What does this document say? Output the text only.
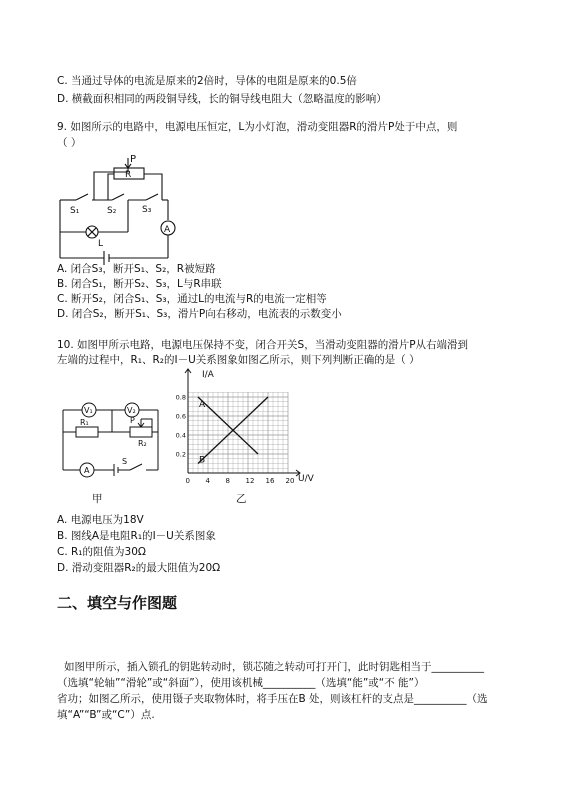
C. 当通过导体的电流是原来的2倍时，导体的电阻是原来的0.5倍
D. 横截面积相同的两段铜导线，长的铜导线电阻大（忽略温度的影响）
9. 如图所示的电路中，电源电压恒定，L为小灯泡，滑动变阻器R的滑片P处于中点，则
（ ）
P
R
S₁	S₂	S₃
A
L
A. 闭合S₃，断开S₁、S₂，R被短路
B. 闭合S₁，断开S₂、S₃，L与R串联
C. 断开S₂，闭合S₁、S₃，通过L的电流与R的电流一定相等
D. 闭合S₂，断开S₁、S₃，滑片P向右移动，电流表的示数变小
10. 如图甲所示电路，电源电压保持不变，闭合开关S，当滑动变阻器的滑片P从右端滑到
左端的过程中，R₁、R₂的I－U关系图象如图乙所示，则下列判断正确的是（ ）
V₁	V₂
R₁	P
R₂
A
S
0 4 8 12 16 20
0.2
0.4
0.6
0.8
A
B
I/A
U/V
甲	乙
A. 电源电压为18V
B. 图线A是电阻R₁的I－U关系图象
C. R₁的阻值为30Ω
D. 滑动变阻器R₂的最大阻值为20Ω
二、填空与作图题
如图甲所示，插入锁孔的钥匙转动时，锁芯随之转动可打开门，此时钥匙相当于__________
（选填“轮轴”“滑轮”或“斜面”），使用该机械__________（选填“能”或“不 能”）
省功；如图乙所示，使用镊子夹取物体时，将手压在B 处，则该杠杆的支点是__________（选
填“A”“B”或“C”）点.
